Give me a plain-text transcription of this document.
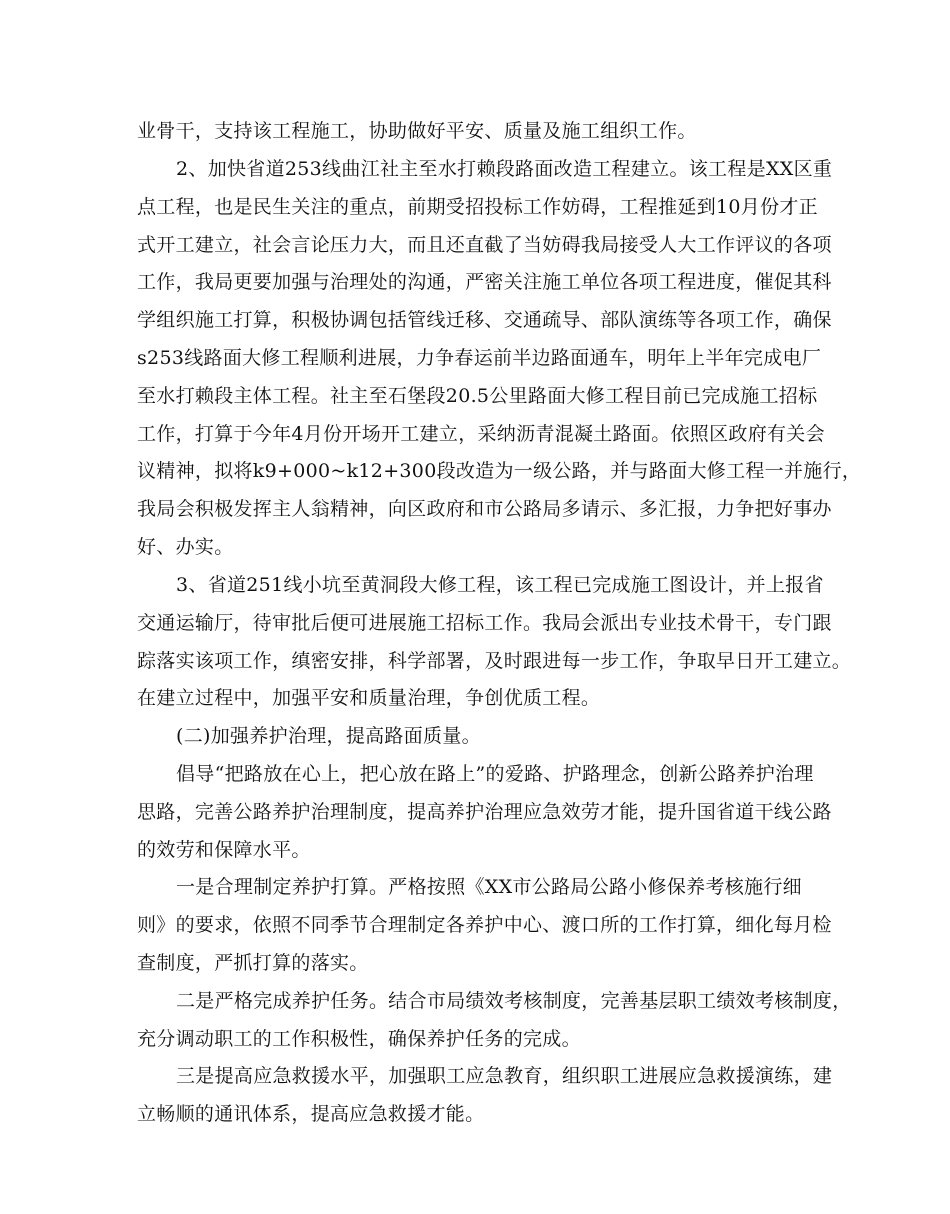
业骨干，支持该工程施工，协助做好平安、质量及施工组织工作。
2、加快省道253线曲江社主至水打赖段路面改造工程建立。该工程是XX区重
点工程，也是民生关注的重点，前期受招投标工作妨碍，工程推延到10月份才正
式开工建立，社会言论压力大，而且还直截了当妨碍我局接受人大工作评议的各项
工作，我局更要加强与治理处的沟通，严密关注施工单位各项工程进度，催促其科
学组织施工打算，积极协调包括管线迁移、交通疏导、部队演练等各项工作，确保
s253线路面大修工程顺利进展，力争春运前半边路面通车，明年上半年完成电厂
至水打赖段主体工程。社主至石堡段20.5公里路面大修工程目前已完成施工招标
工作，打算于今年4月份开场开工建立，采纳沥青混凝土路面。依照区政府有关会
议精神，拟将k9+000~k12+300段改造为一级公路，并与路面大修工程一并施行，
我局会积极发挥主人翁精神，向区政府和市公路局多请示、多汇报，力争把好事办
好、办实。
3、省道251线小坑至黄洞段大修工程，该工程已完成施工图设计，并上报省
交通运输厅，待审批后便可进展施工招标工作。我局会派出专业技术骨干，专门跟
踪落实该项工作，缜密安排，科学部署，及时跟进每一步工作，争取早日开工建立。
在建立过程中，加强平安和质量治理，争创优质工程。
(二)加强养护治理，提高路面质量。
倡导“把路放在心上，把心放在路上”的爱路、护路理念，创新公路养护治理
思路，完善公路养护治理制度，提高养护治理应急效劳才能，提升国省道干线公路
的效劳和保障水平。
一是合理制定养护打算。严格按照《XX市公路局公路小修保养考核施行细
则》的要求，依照不同季节合理制定各养护中心、渡口所的工作打算，细化每月检
查制度，严抓打算的落实。
二是严格完成养护任务。结合市局绩效考核制度，完善基层职工绩效考核制度，
充分调动职工的工作积极性，确保养护任务的完成。
三是提高应急救援水平，加强职工应急教育，组织职工进展应急救援演练，建
立畅顺的通讯体系，提高应急救援才能。
